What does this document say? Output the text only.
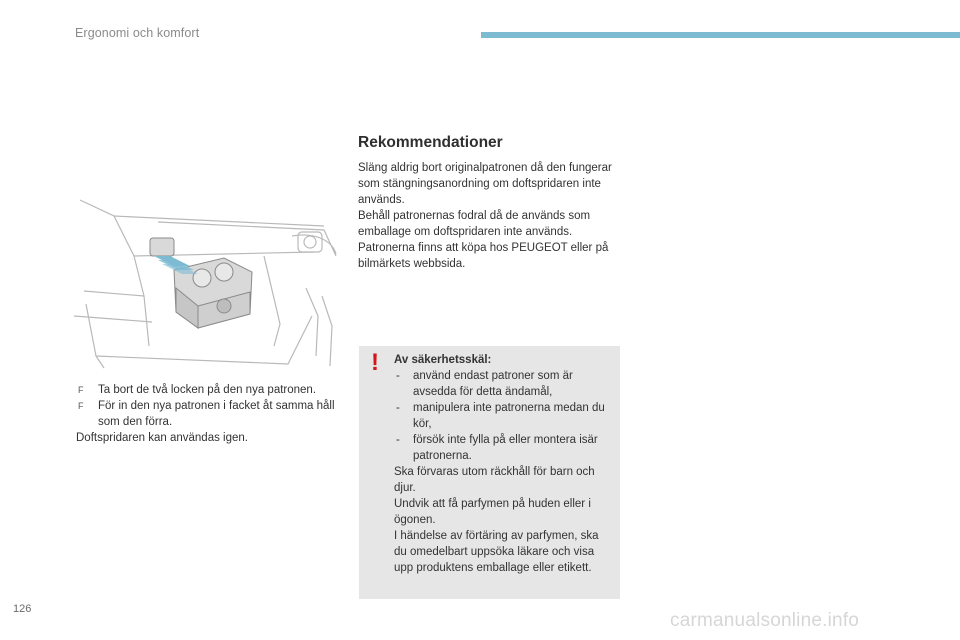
Ergonomi och komfort
F Ta bort de två locken på den nya patronen.
F För in den nya patronen i facket åt samma håll som den förra.
Doftspridaren kan användas igen.
Rekommendationer

Släng aldrig bort originalpatronen då den fungerar som stängningsanordning om doftspridaren inte används.

Behåll patronernas fodral då de används som emballage om doftspridaren inte används.

Patronerna finns att köpa hos PEUGEOT eller på bilmärkets webbsida.

! Av säkerhetsskäl:
- använd endast patroner som är avsedda för detta ändamål,
- manipulera inte patronerna medan du kör,
- försök inte fylla på eller montera isär patronerna.
Ska förvaras utom räckhåll för barn och djur.
Undvik att få parfymen på huden eller i ögonen.
I händelse av förtäring av parfymen, ska du omedelbart uppsöka läkare och visa upp produktens emballage eller etikett.
126
carmanualsonline.info
